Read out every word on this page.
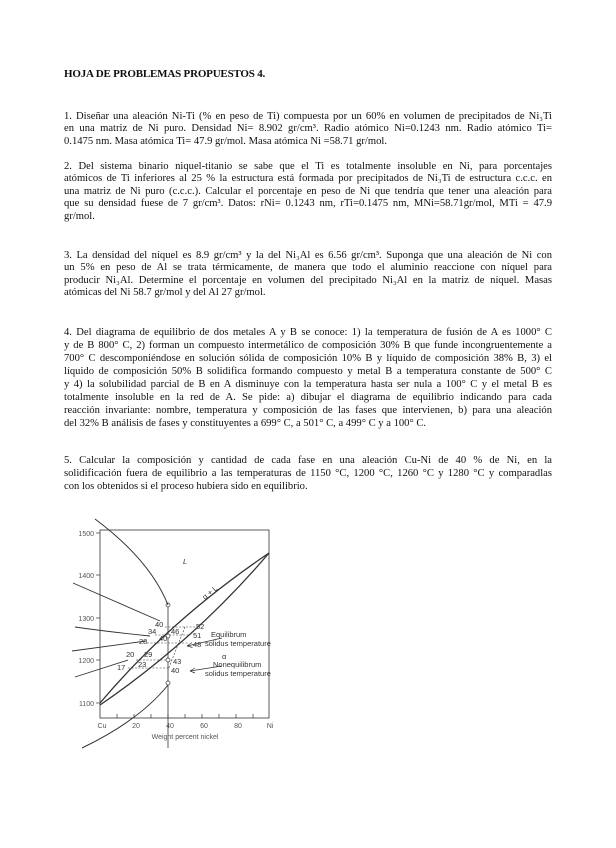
HOJA DE PROBLEMAS PROPUESTOS 4.
1. Diseñar una aleación Ni-Ti (% en peso de Ti) compuesta por un 60% en volumen de precipitados de Ni₃Ti
en una matriz de Ni puro. Densidad Ni= 8.902 gr/cm³. Radio atómico Ni=0.1243 nm. Radio atómico Ti=
0.1475 nm. Masa atómica Ti= 47.9 gr/mol. Masa atómica Ni =58.71 gr/mol.
2. Del sistema binario niquel-titanio se sabe que el Ti es totalmente insoluble en Ni, para porcentajes
atómicos de Ti inferiores al 25 % la estructura está formada por precipitados de Ni₃Ti de estructura c.c.c. en
una matriz de Ni puro (c.c.c.). Calcular el porcentaje en peso de Ni que tendría que tener una aleación para
que su densidad fuese de 7 gr/cm³. Datos: rNi= 0.1243 nm, rTi=0.1475 nm, MNi=58.71gr/mol, MTi = 47.9
gr/mol.
3. La densidad del níquel es 8.9 gr/cm³ y la del Ni₃Al es 6.56 gr/cm³. Suponga que una aleación de Ni con
un 5% en peso de Al se trata térmicamente, de manera que todo el aluminio reaccione con níquel para
producir Ni₃Al. Determine el porcentaje en volumen del precipitado Ni₃Al en la matriz de níquel. Masas
atómicas del Ni 58.7 gr/mol y del Al 27 gr/mol.
4. Del diagrama de equilibrio de dos metales A y B se conoce: 1) la temperatura de fusión de A es 1000° C
y de B 800° C, 2) forman un compuesto intermetálico de composición 30% B que funde incongruentemente a
700° C descomponiéndose en solución sólida de composición 10% B y líquido de composición 38% B, 3) el
líquido de composición 50% B solidifica formando compuesto y metal B a temperatura constante de 500° C
y 4) la solubilidad parcial de B en A disminuye con la temperatura hasta ser nula a 100° C y el metal B es
totalmente insoluble en la red de A. Se pide: a) dibujar el diagrama de equilibrio indicando para cada
reacción invariante: nombre, temperatura y composición de las fases que intervienen, b) para una aleación
del 32% B análisis de fases y constituyentes a 699° C, a 501° C, a 499° C y a 100° C.
5. Calcular la composición y cantidad de cada fase en una aleación Cu-Ni de 40 % de Ni, en la
solidificación fuera de equilibrio a las temperaturas de 1150 °C, 1200 °C, 1260 °C y 1280 °C y comparadlas
con los obtenidos si el proceso hubiera sido en equilibrio.
1500
1400
1300
1200
1100
Cu	20	40	60	80	Ni
Weight percent nickel
L
α + L
α
Equilibrum
solidus temperature
Nonequilibrum
solidus temperature
40	52
34 46 51
40
28	48
20 29
43
17 23
40
